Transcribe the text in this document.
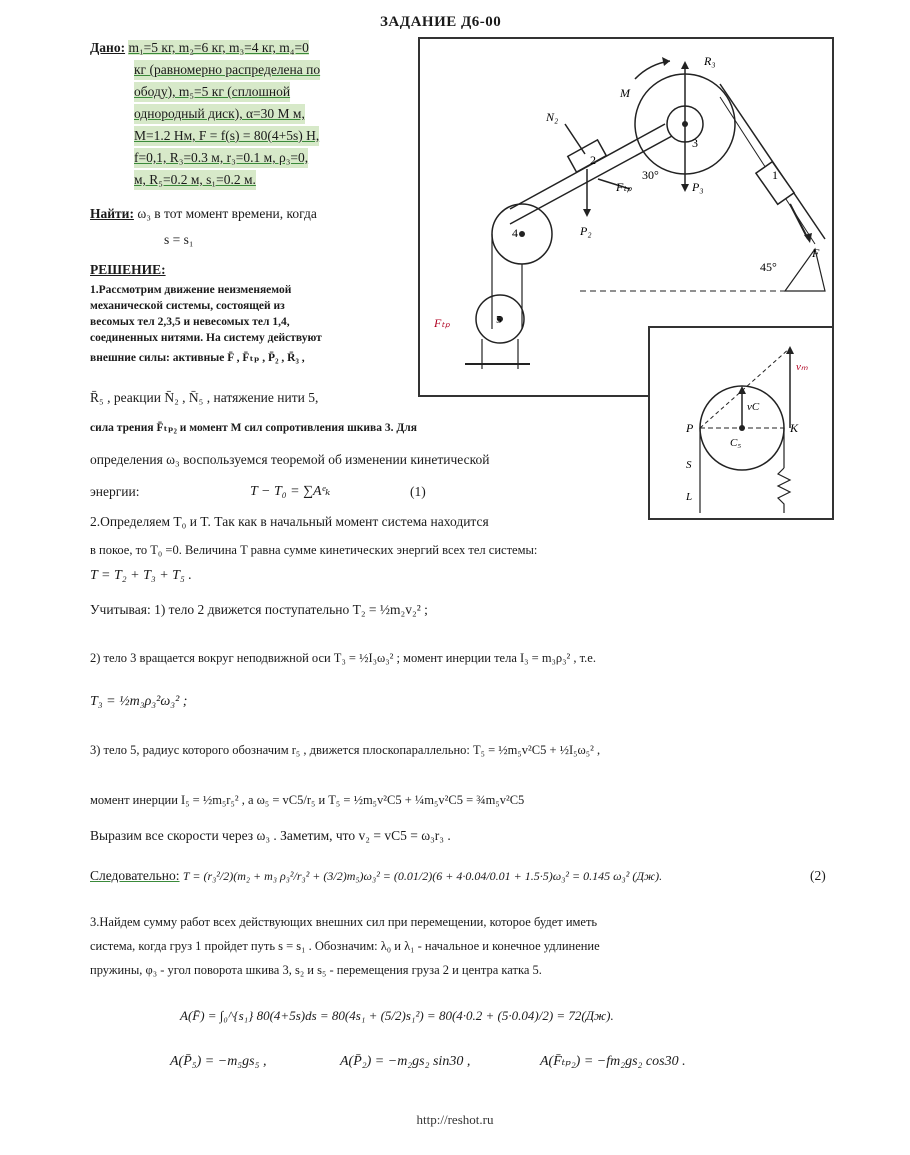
ЗАДАНИЕ Д6-00
Дано: m₁=5 кг, m₂=6 кг, m₃=4 кг, m₄=0
кг (равномерно распределена по
ободу), m₅=5 кг (сплошной
однородный диск), α=30 М м,
M=1.2 Нм, F = f(s) = 80(4+5s) Н,
f=0,1, R₃=0.3 м, r₃=0.1 м, ρ₃=0,
м, R₅=0.2 м, s₁=0.2 м.
Найти: ω₃ в тот момент времени, когда
s = s₁
РЕШЕНИЕ:
1.Рассмотрим движение неизменяемой
механической системы, состоящей из
весомых тел 2,3,5 и невесомых тел 1,4,
соединенных нитями. На систему действуют
внешние силы: активные F̄ , F̄ₜₚ , P̄₂ , R̄₃ ,
R̄₅ , реакции N̄₂ , N̄₅ , натяжение нити 5,
сила трения F̄ₜₚ₂ и момент M сил сопротивления шкива 3. Для
определения ω₃ воспользуемся теоремой об изменении кинетической
энергии:	T − T₀ = ∑Aᵉₖ	(1)
2.Определяем T₀ и T. Так как в начальный момент система находится
в покое, то T₀ =0. Величина T равна сумме кинетических энергий всех тел системы:
T = T₂ + T₃ + T₅ .
Учитывая: 1) тело 2 движется поступательно T₂ = ½m₂v₂² ;
2) тело 3 вращается вокруг неподвижной оси T₃ = ½I₃ω₃² ; момент инерции тела I₃ = m₃ρ₃² , т.е.
T₃ = ½m₃ρ₃²ω₃² ;
3) тело 5, радиус которого обозначим r₅ , движется плоскопараллельно: T₅ = ½m₅v²C5 + ½I₅ω₅² ,
момент инерции I₅ = ½m₅r₅² , а ω₅ = vC5/r₅ и T₅ = ½m₅v²C5 + ¼m₅v²C5 = ¾m₅v²C5
Выразим все скорости через ω₃ . Заметим, что v₂ = vC5 = ω₃r₃ .
Следовательно: T = (r₃²/2)(m₂ + m₃ ρ₃²/r₃² + (3/2)m₅)ω₃² = (0.01/2)(6 + 4·0.04/0.01 + 1.5·5)ω₃² = 0.145 ω₃² (Дж).	(2)
3.Найдем сумму работ всех действующих внешних сил при перемещении, которое будет иметь
система, когда груз 1 пройдет путь s = s₁ . Обозначим: λ₀ и λ₁ - начальное и конечное удлинение
пружины, φ₃ - угол поворота шкива 3, s₂ и s₅ - перемещения груза 2 и центра катка 5.
A(F̄) = ∫₀^{s₁} 80(4+5s)ds = 80(4s₁ + (5/2)s₁²) = 80(4·0.2 + (5·0.04)/2) = 72(Дж).
A(P̄₅) = −m₅gs₅ ,	A(P̄₂) = −m₂gs₂ sin30 ,	A(F̄ₜₚ₂) = −fm₂gs₂ cos30 .
N₂
M
R₃
3
P₂
P₃
Fₜₚ
30°
45°
4
5
2
1
F
Fₜₚ
P	K
C₅
vₘ
vC
S
L
http://reshot.ru
